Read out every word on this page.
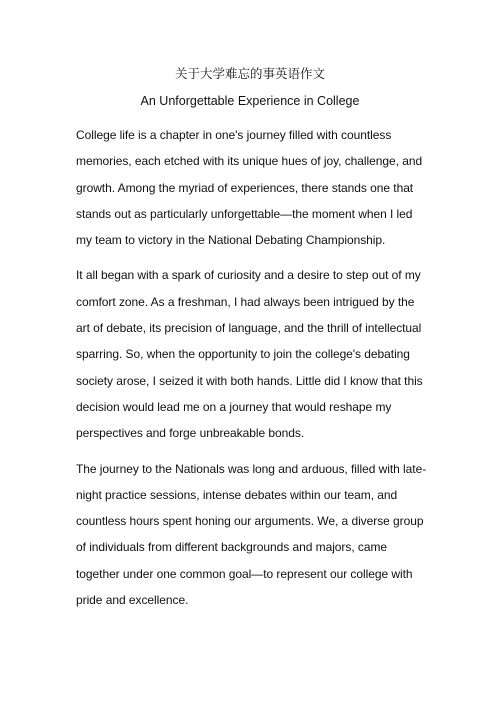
关于大学难忘的事英语作文
An Unforgettable Experience in College

College life is a chapter in one's journey filled with countless
memories, each etched with its unique hues of joy, challenge, and
growth. Among the myriad of experiences, there stands one that
stands out as particularly unforgettable—the moment when I led
my team to victory in the National Debating Championship.

It all began with a spark of curiosity and a desire to step out of my
comfort zone. As a freshman, I had always been intrigued by the
art of debate, its precision of language, and the thrill of intellectual
sparring. So, when the opportunity to join the college's debating
society arose, I seized it with both hands. Little did I know that this
decision would lead me on a journey that would reshape my
perspectives and forge unbreakable bonds.

The journey to the Nationals was long and arduous, filled with late-
night practice sessions, intense debates within our team, and
countless hours spent honing our arguments. We, a diverse group
of individuals from different backgrounds and majors, came
together under one common goal—to represent our college with
pride and excellence.
